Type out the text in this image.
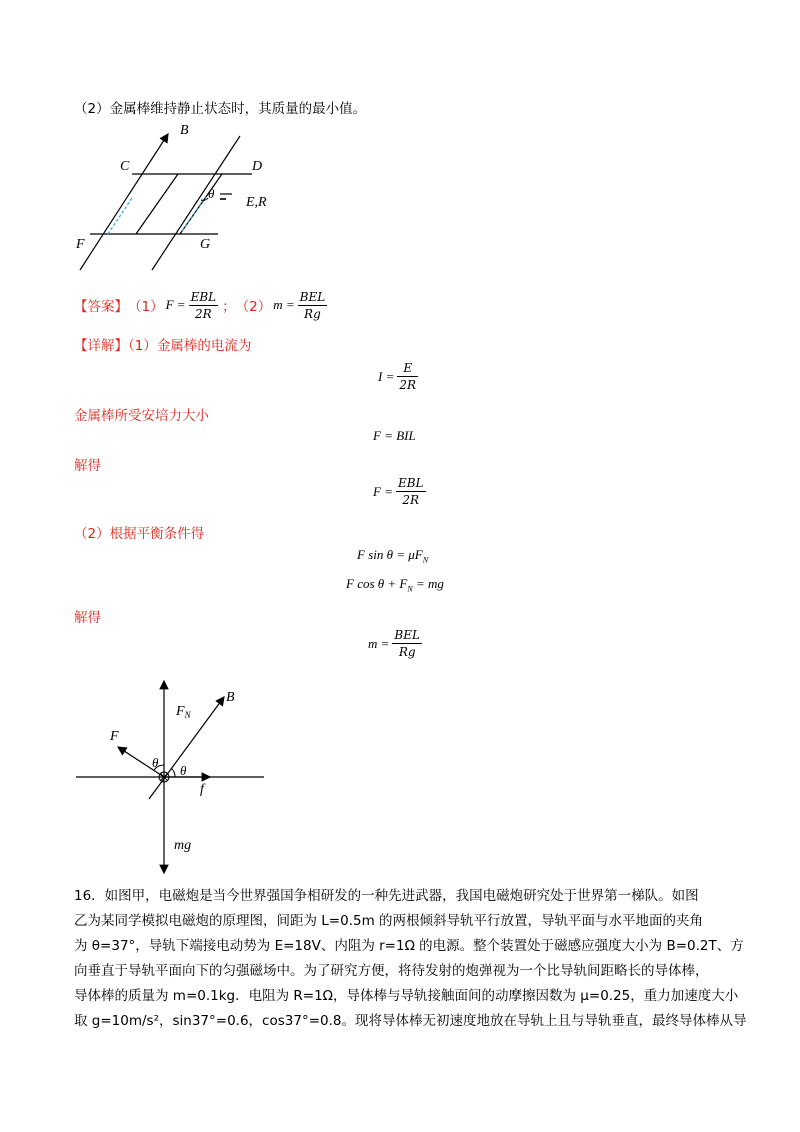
（2）金属棒维持静止状态时，其质量的最小值。
B
C	D
θ
E,R
F	G
【答案】 （1） $F = \frac{\text{EBL}}{2R}$ ； （2） $m = \frac{\text{BEL}}{Rg}$
【详解】（1）金属棒的电流为
$I = \frac{E}{2R}$
金属棒所受安培力大小
F = BIL
解得
$F = \frac{\text{EBL}}{2R}$
（2）根据平衡条件得
F $\sin \theta = \mu F_N$
F $\cos \theta + F_N$ = mg
解得
$m = \frac{\text{BEL}}{Rg}$
$F_N$
B
F
θ
θ
f
mg

16．如图甲，电磁炮是当今世界强国争相研发的一种先进武器，我国电磁炮研究处于世界第一梯队。如图

乙为某同学模拟电磁炮的原理图，间距为 L=0.5m 的两根倾斜导轨平行放置，导轨平面与水平地面的夹角

为 θ=37°，导轨下端接电动势为 E=18V、内阻为 r=1Ω 的电源。整个装置处于磁感应强度大小为 B=0.2T、方

向垂直于导轨平面向下的匀强磁场中。为了研究方便，将待发射的炮弹视为一个比导轨间距略长的导体棒，

导体棒的质量为 m=0.1kg．电阻为 R=1Ω，导体棒与导轨接触面间的动摩擦因数为 μ=0.25，重力加速度大小

取 g=10m/s²，sin37°=0.6，cos37°=0.8。现将导体棒无初速度地放在导轨上且与导轨垂直，最终导体棒从导
